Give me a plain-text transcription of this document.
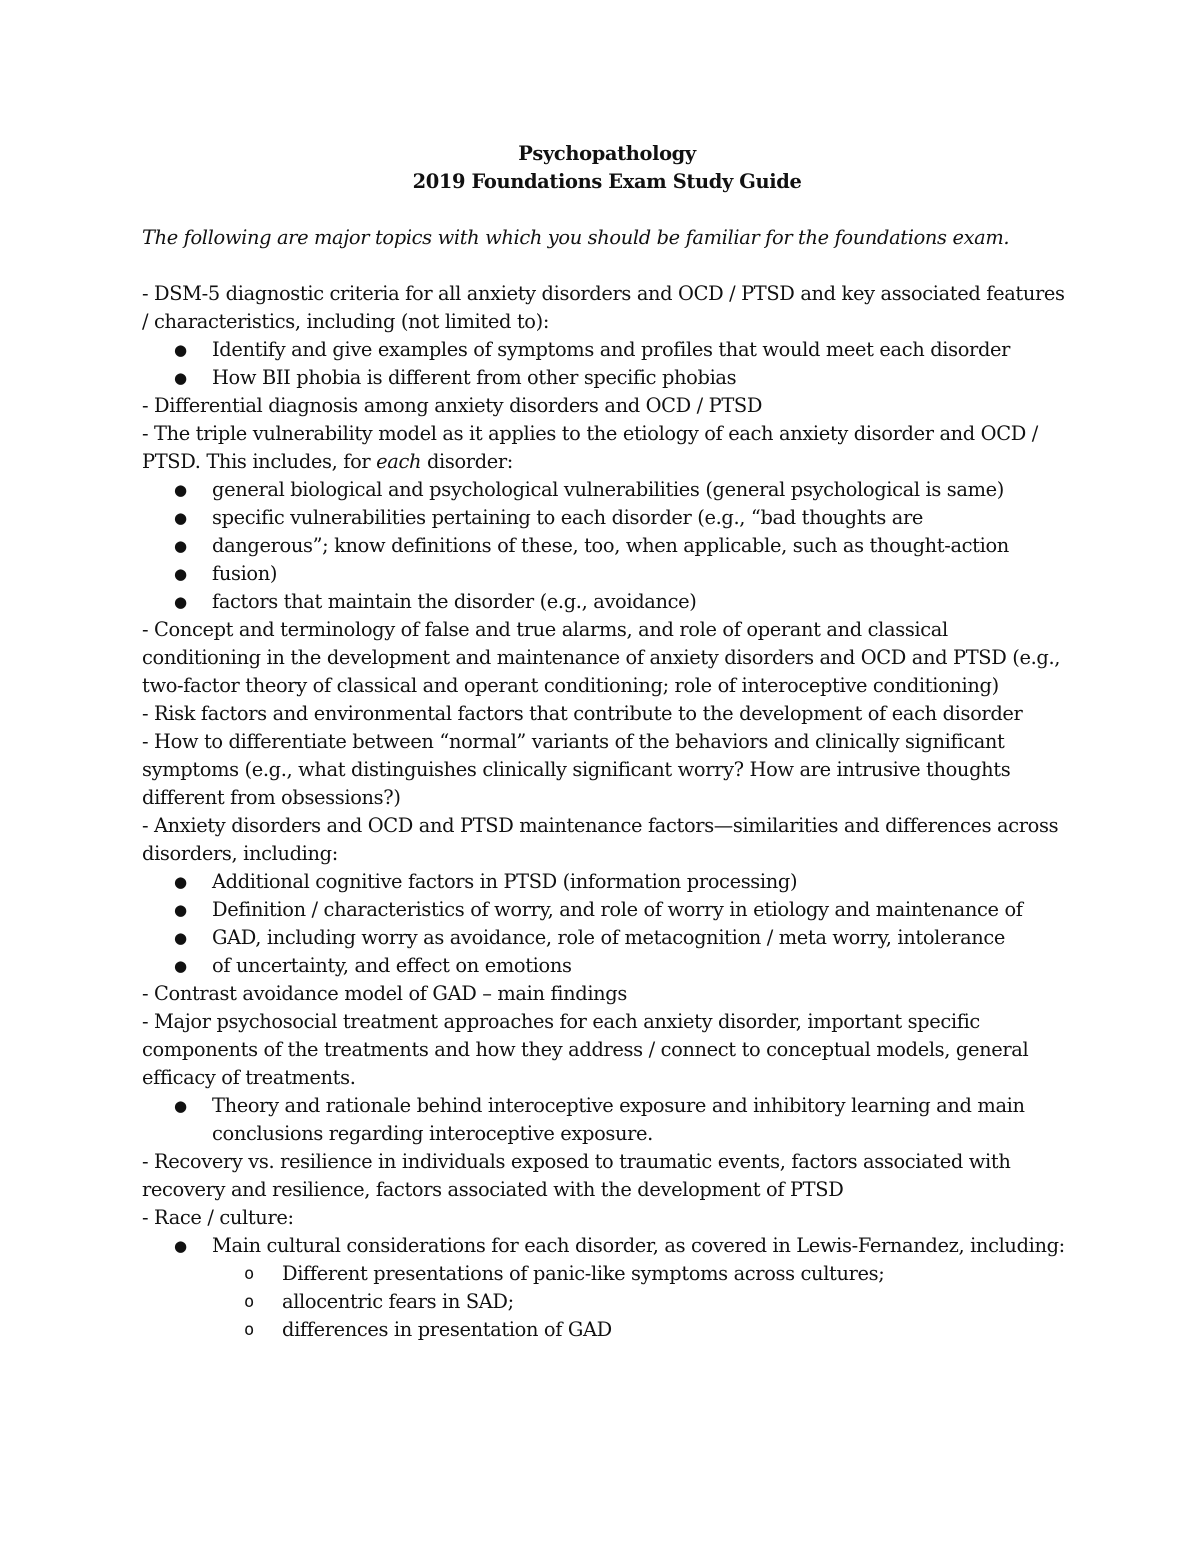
Psychopathology

2019 Foundations Exam Study Guide

The following are major topics with which you should be familiar for the foundations exam.

- DSM-5 diagnostic criteria for all anxiety disorders and OCD / PTSD and key associated features / characteristics, including (not limited to):

●	Identify and give examples of symptoms and profiles that would meet each disorder
●	How BII phobia is different from other specific phobias

- Differential diagnosis among anxiety disorders and OCD / PTSD

- The triple vulnerability model as it applies to the etiology of each anxiety disorder and OCD / PTSD. This includes, for each disorder:

●	general biological and psychological vulnerabilities (general psychological is same)
●	specific vulnerabilities pertaining to each disorder (e.g., “bad thoughts are
●	dangerous”; know definitions of these, too, when applicable, such as thought-action
●	fusion)
●	factors that maintain the disorder (e.g., avoidance)

- Concept and terminology of false and true alarms, and role of operant and classical conditioning in the development and maintenance of anxiety disorders and OCD and PTSD (e.g., two-factor theory of classical and operant conditioning; role of interoceptive conditioning)

- Risk factors and environmental factors that contribute to the development of each disorder

- How to differentiate between “normal” variants of the behaviors and clinically significant symptoms (e.g., what distinguishes clinically significant worry? How are intrusive thoughts different from obsessions?)

- Anxiety disorders and OCD and PTSD maintenance factors—similarities and differences across disorders, including:

●	Additional cognitive factors in PTSD (information processing)
●	Definition / characteristics of worry, and role of worry in etiology and maintenance of
●	GAD, including worry as avoidance, role of metacognition / meta worry, intolerance
●	of uncertainty, and effect on emotions

- Contrast avoidance model of GAD – main findings

- Major psychosocial treatment approaches for each anxiety disorder, important specific components of the treatments and how they address / connect to conceptual models, general efficacy of treatments.

●	Theory and rationale behind interoceptive exposure and inhibitory learning and main conclusions regarding interoceptive exposure.

- Recovery vs. resilience in individuals exposed to traumatic events, factors associated with recovery and resilience, factors associated with the development of PTSD

- Race / culture:

●	Main cultural considerations for each disorder, as covered in Lewis-Fernandez, including:
o	Different presentations of panic-like symptoms across cultures;
o	allocentric fears in SAD;
o	differences in presentation of GAD
